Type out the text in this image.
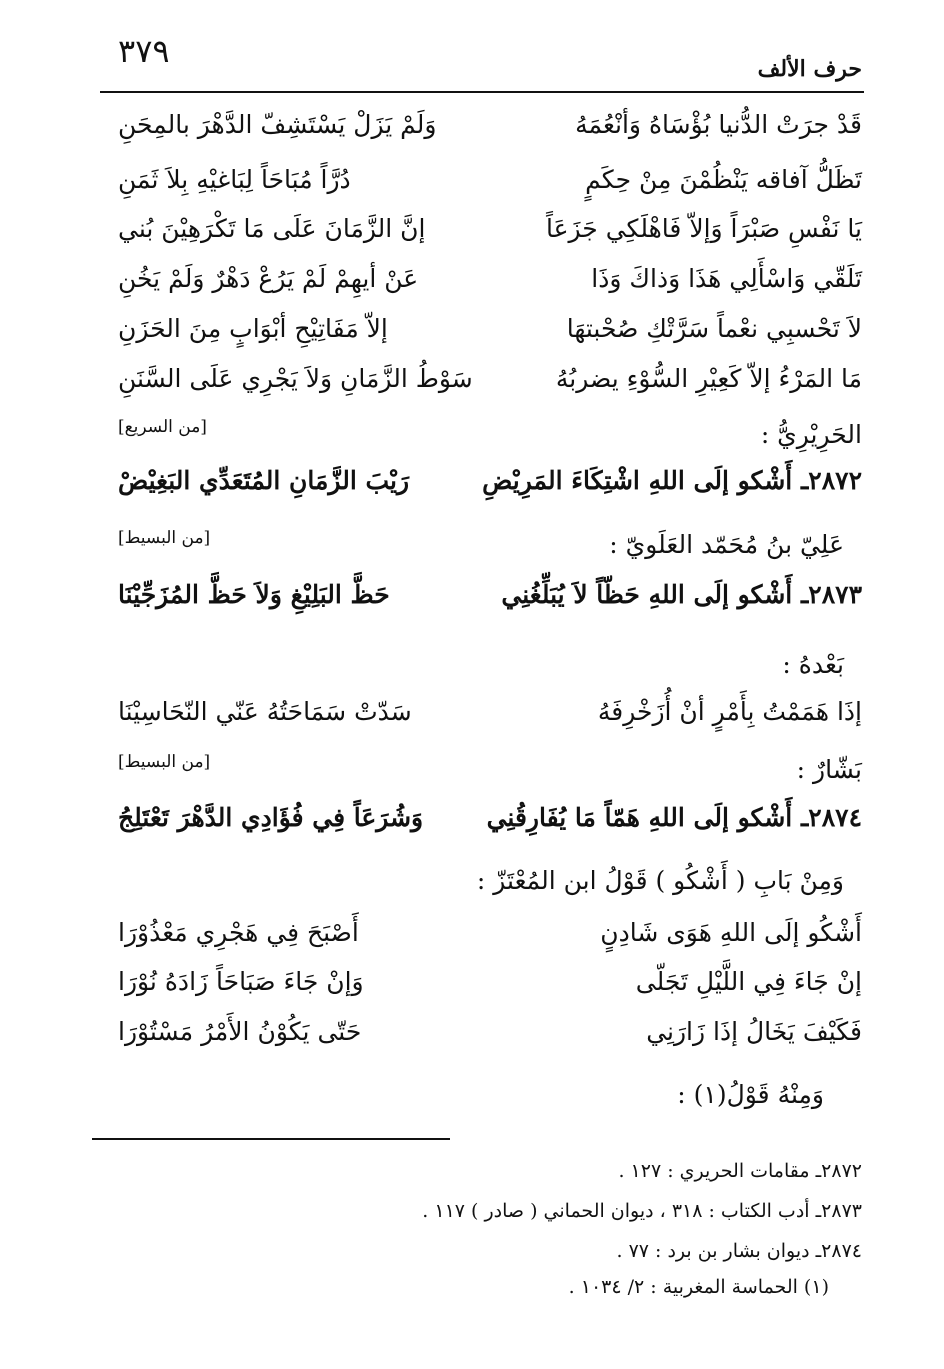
حرف الألف
٣٧٩
قَدْ جرَتْ الدُّنيا بُؤْسَاهُ وَأنْعُمَهُ
وَلَمْ يَزَلْ يَسْتَشِفّ الدَّهْرَ بالمِحَنِ
تَظَلُّ آفاقه يَنْظُمْنَ مِنْ حِكَمٍ
دُرَّاً مُبَاحَاً لِبَاغيْهِ بِلاَ ثَمَنِ
يَا نَفْسِ صَبْرَاً وَإلاّ فَاهْلَكِي جَزَعَاً
إنَّ الزَّمَانَ عَلَى مَا تَكْرَهِيْنَ بُني
تَلَقّي وَاسْأَلِي هَذَا وَذاكَ وَذَا
عَنْ أيهِمْ لَمْ يَرُعْ دَهْرٌ وَلَمْ يَخُنِ
لاَ تَحْسبِي نعْماً سَرَّتْكِ صُحْبتهَا
إلاّ مَفَاتِيْحِ أبْوَابٍ مِنَ الحَزَنِ
مَا المَرْءُ إلاّ كَعِيْرِ السُّوْءِ يضربُهُ
سَوْطُ الزَّمَانِ وَلاَ يَجْرِي عَلَى السَّنَنِ
الحَرِيْرِيُّ :
[من السريع]
٢٨٧٢ـ أَشْكو إلَى اللهِ اشْتِكَاءَ المَرِيْضِ
رَيْبَ الزَّمَانِ المُتَعَدِّي البَغِيْضْ
عَلِيّ بنُ مُحَمّد العَلَويّ :
[من البسيط]
٢٨٧٣ـ أَشْكو إلَى اللهِ حَظّاً لاَ يُبَلِّغُنِي
حَظَّ البَلِيْغِ وَلاَ حَظَّ المُزَجِّيْنَا
بَعْدهُ :
إذَا هَمَمْتُ بِأَمْرٍ أنْ أُزَخْرِفَهُ
سَدّتْ سَمَاحَتُهُ عَنّي النّحَاسِيْنَا
بَشّارٌ :
[من البسيط]
٢٨٧٤ـ أَشْكو إلَى اللهِ هَمّاً مَا يُفَارِقُنِي
وَشُرَعَاً فِي فُؤَادِي الدَّهْرَ تَعْتَلِجُ
وَمِنْ بَابِ ( أَشْكُو ) قَوْلُ ابن المُعْتَزّ :
أَشْكُو إلَى اللهِ هَوَى شَادِنٍ
أَصْبَحَ فِي هَجْرِي مَعْذُوْرَا
إنْ جَاءَ فِي اللَّيْلِ تَجَلّى
وَإنْ جَاءَ صَبَاحَاً زَادَهُ نُوْرَا
فَكَيْفَ يَخَالُ إذَا زَارَنِي
حَتّى يَكُوْنُ الأَمْرُ مَسْتُوْرَا
وَمِنْهُ قَوْلُ(١) :
٢٨٧٢ـ مقامات الحريري : ١٢٧ .
٢٨٧٣ـ أدب الكتاب : ٣١٨ ، ديوان الحماني ( صادر ) ١١٧ .
٢٨٧٤ـ ديوان بشار بن برد : ٧٧ .
(١) الحماسة المغربية : ٢/ ١٠٣٤ .
